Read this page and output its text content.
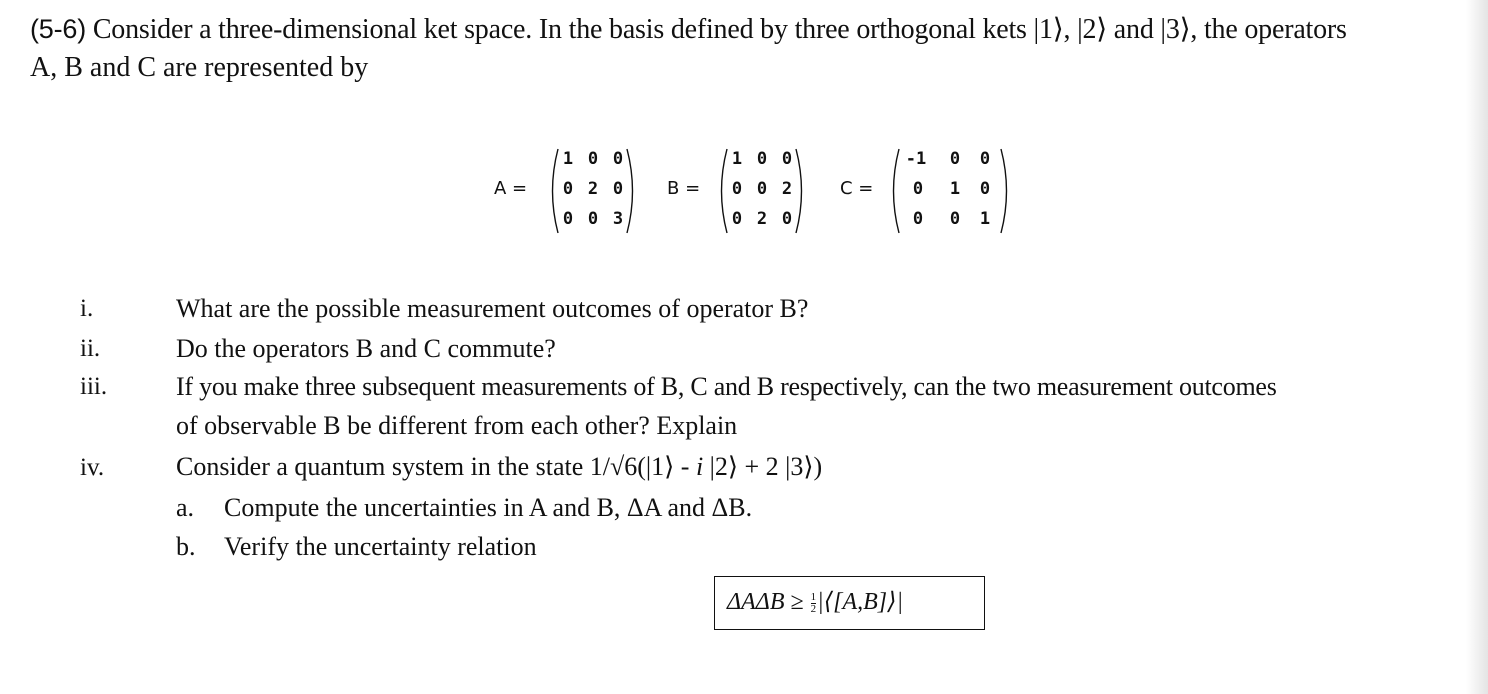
(5-6) Consider a three-dimensional ket space. In the basis defined by three orthogonal kets |1⟩, |2⟩ and |3⟩, the operators
A, B and C are represented by
A =
1 0 0
0 2 0
0 0 3
B =
1 0 0
0 0 2
0 2 0
C =
-1	0	0
0	1	0
0	0	1
i.	What are the possible measurement outcomes of operator B?
ii.	Do the operators B and C commute?
iii.	If you make three subsequent measurements of B, C and B respectively, can the two measurement outcomes
of observable B be different from each other? Explain
iv.	Consider a quantum system in the state 1/√6(|1⟩ - i |2⟩ + 2 |3⟩)
a. Compute the uncertainties in A and B, ΔA and ΔB.
b. Verify the uncertainty relation
$\Delta A\Delta B \ge \frac{1}{2}$ |⟨[A,B]⟩|
